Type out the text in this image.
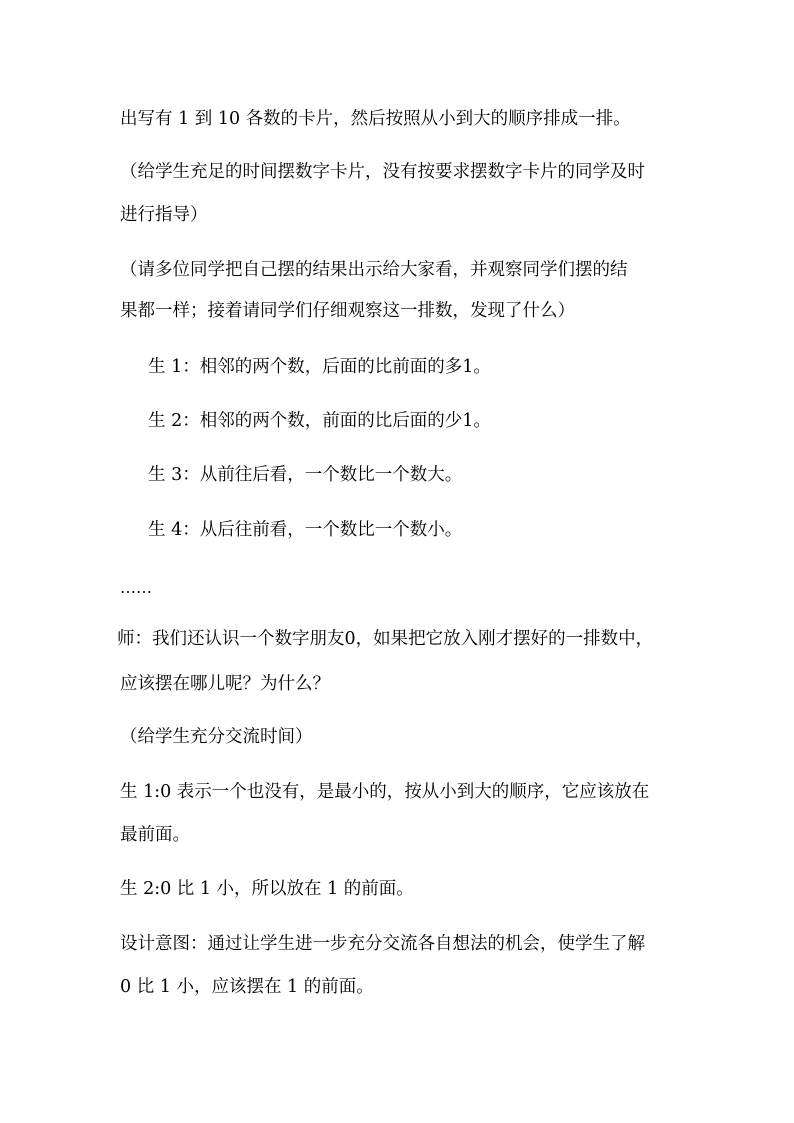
出写有 1 到 10 各数的卡片，然后按照从小到大的顺序排成一排。
（给学生充足的时间摆数字卡片，没有按要求摆数字卡片的同学及时
进行指导）
（请多位同学把自己摆的结果出示给大家看，并观察同学们摆的结
果都一样；接着请同学们仔细观察这一排数，发现了什么）
生 1：相邻的两个数，后面的比前面的多1。
生 2：相邻的两个数，前面的比后面的少1。
生 3：从前往后看，一个数比一个数大。
生 4：从后往前看，一个数比一个数小。
……
师：我们还认识一个数字朋友0，如果把它放入刚才摆好的一排数中，
应该摆在哪儿呢？为什么？
（给学生充分交流时间）
生 1:0 表示一个也没有，是最小的，按从小到大的顺序，它应该放在
最前面。
生 2:0 比 1 小，所以放在 1 的前面。
设计意图：通过让学生进一步充分交流各自想法的机会，使学生了解
0 比 1 小，应该摆在 1 的前面。
